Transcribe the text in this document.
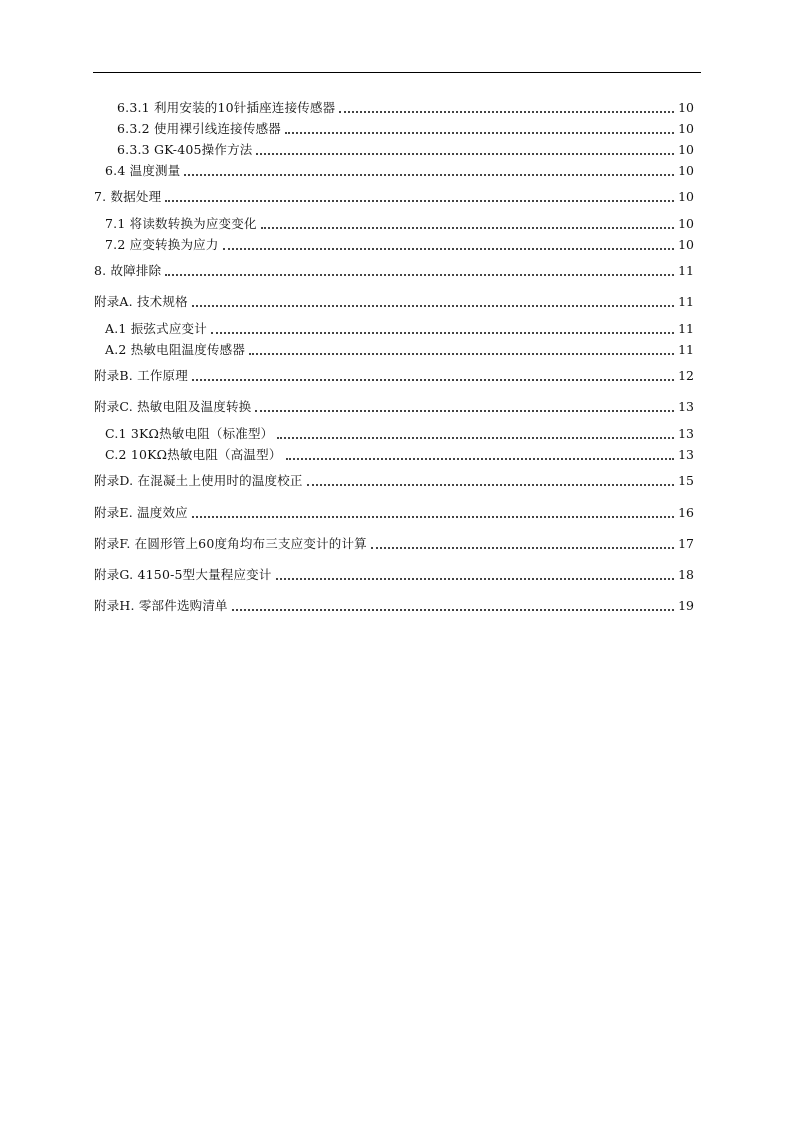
6.3.1 利用安装的10针插座连接传感器	10
6.3.2 使用裸引线连接传感器	10
6.3.3 GK-405操作方法	10
6.4 温度测量	10
7. 数据处理	10
7.1 将读数转换为应变变化	10
7.2 应变转换为应力	10
8. 故障排除	11
附录A. 技术规格	11
A.1 振弦式应变计	11
A.2 热敏电阻温度传感器	11
附录B. 工作原理	12
附录C. 热敏电阻及温度转换	13
C.1 3KΩ热敏电阻（标准型）	13
C.2 10KΩ热敏电阻（高温型）	13
附录D. 在混凝土上使用时的温度校正	15
附录E. 温度效应	16
附录F. 在圆形管上60度角均布三支应变计的计算	17
附录G. 4150-5型大量程应变计	18
附录H. 零部件选购清单	19
